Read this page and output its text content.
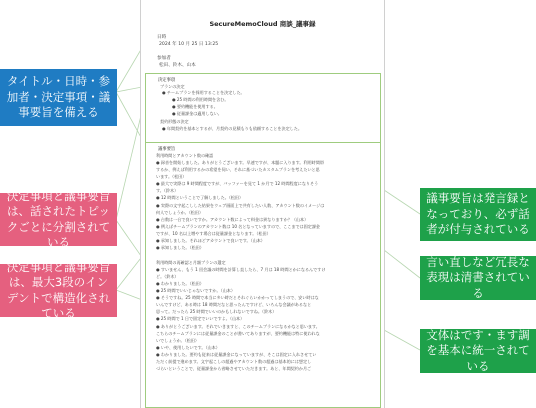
SecureMemoCloud 商談_議事録
日時
2024 年 10 月 25 日 13:25
参加者
松田、鈴木、山本
決定事項
プランの決定
● チームプランを採用することを決定した。
● 25 時間の利用時間を含む。
● 要約機能を使用する。
● 従量課金は適用しない。
契約形態の決定
● 年間契約を基本とするが、月契約の見積もりも依頼することを決定した。
議事要旨
利用時間とアカウント数の確認
● 録音を開始しました。ありがとうございます。早速ですが、本題に入ります。利用時間帯
するか、例えば利用するかの希望を伺い、それに基づいたカスタムプランを考えたいと思
います。（松田）
● 最大で実際は 9 時間程度ですが、バッファーを見て 1 か月で 12 時間程度になりそう
す。（鈴木）
● 12 時間ということで了解しました。（松田）
● 実際の文字起こしした結果をウェブ画面上で共有したい人数、アカウント数のイメージは
何人でしょうか。（松田）
● 台数は一台で良いですか。アカウント数によって料金は異なりますか？（山本）
● 例えばチームプランのアカウント数は 10 名となっていますので、ここまでは固定課金
ですが、10 名以上増やす場合は従量課金となります。（松田）
● 承知しました。それほどアカウントで良いです。（山本）
● 承知しました。（松田）
利用時間の再確認と月額プランの選定
● すいません、もう 1 回会議の時間を計算し直したら、7 月は 18 時間とかになるんですけ
ど。（鈴木）
● わかりました。（松田）
● 25 時間でいいじゃないですか。（山本）
● そうですね。25 時間で本当に多い時だとそれぐらいかかってしまうので、安い時はな
いんですけど、ある時は 18 時間だなと思ったんですけど、いろんな会議があるなと
思って。だったら 25 時間でいいのかもしれないですね。（鈴木）
● 25 時間で 1 日で固定でいいですよ。（山本）
● ありがとうございます。それでいきますと、このチームプランになるかなと思います。
こちらのチームプランには従量課金のことが書いてありますが、要約機能は特に使われな
いでしょうか。（松田）
● いや、使用したいです。（山本）
● わかりました。要約も従来は従量課金になっていますが、そこは固定に入れさせてい
ただく前提で進めます。文字起こしの超過やアカウント数の超過は基本的には想定し
づらいということで、従量課金から省略させていただきます。あと、年間契約か月ご
タイトル・日時・参加者・決定事項・議事要旨を備える
決定事項と議事要旨は、話されたトピックごとに分割されている
決定事項と議事要旨は、最大3段のインデントで構造化されている
議事要旨は発言録となっており、必ず話者が付与されている
言い直しなど冗長な表現は清書されている
文体はです・ます調を基本に統一されている
